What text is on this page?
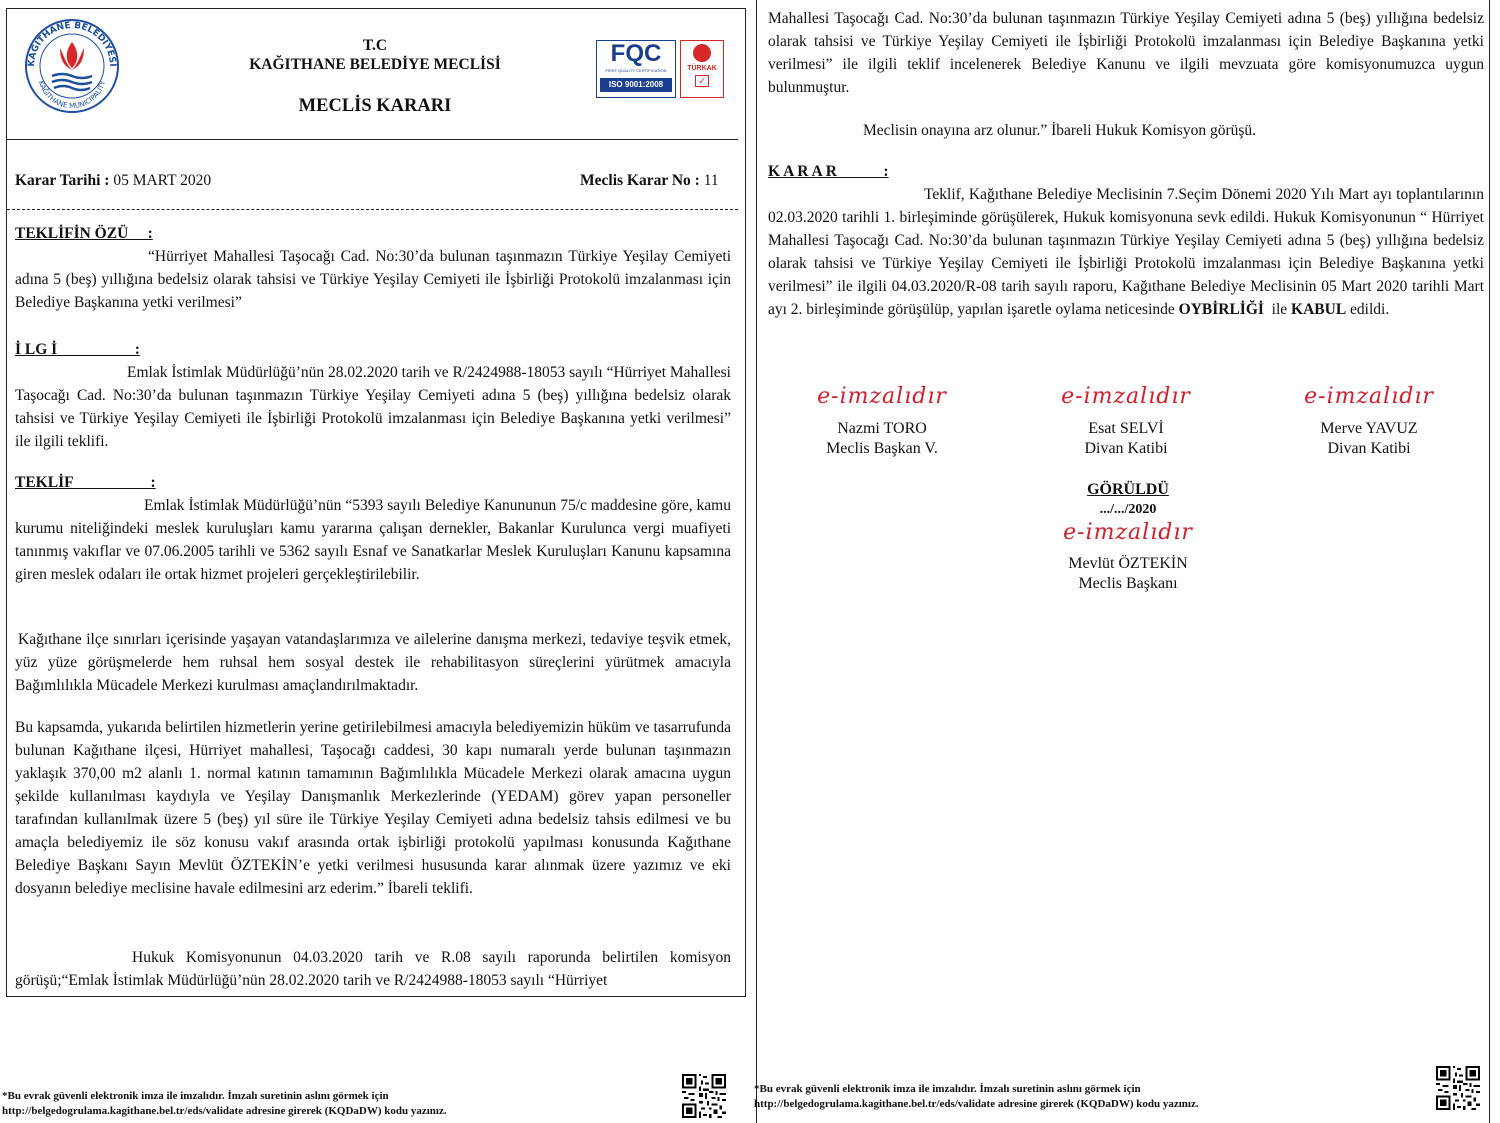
KAĞITHANE BELEDİYESİ
KAĞITHANE MUNICIPALITY
T.C
KAĞITHANE BELEDİYE MECLİSİ
MECLİS KARARI
FQC
FIRST QUALITY CERTIFICATION
ISO 9001:2008
TÜRKAK
✓
Karar Tarihi : 05 MART 2020	Meclis Karar No : 11
TEKLİFİN ÖZÜ     :
“Hürriyet Mahallesi Taşocağı Cad. No:30’da bulunan taşınmazın Türkiye Yeşilay Cemiyeti adına 5 (beş) yıllığına bedelsiz olarak tahsisi ve Türkiye Yeşilay Cemiyeti ile İşbirliği Protokolü imzalanması için Belediye Başkanına yetki verilmesi”
İ LG İ                    :
Emlak İstimlak Müdürlüğü’nün 28.02.2020 tarih ve R/2424988-18053 sayılı “Hürriyet Mahallesi Taşocağı Cad. No:30’da bulunan taşınmazın Türkiye Yeşilay Cemiyeti adına 5 (beş) yıllığına bedelsiz olarak tahsisi ve Türkiye Yeşilay Cemiyeti ile İşbirliği Protokolü imzalanması için Belediye Başkanına yetki verilmesi” ile ilgili teklifi.
TEKLİF                    :
Emlak İstimlak Müdürlüğü’nün “5393 sayılı Belediye Kanununun 75/c maddesine göre, kamu kurumu niteliğindeki meslek kuruluşları kamu yararına çalışan dernekler, Bakanlar Kurulunca vergi muafiyeti tanınmış vakıflar ve 07.06.2005 tarihli ve 5362 sayılı Esnaf ve Sanatkarlar Meslek Kuruluşları Kanunu kapsamına giren meslek odaları ile ortak hizmet projeleri gerçekleştirilebilir.
Kağıthane ilçe sınırları içerisinde yaşayan vatandaşlarımıza ve ailelerine danışma merkezi, tedaviye teşvik etmek, yüz yüze görüşmelerde hem ruhsal hem sosyal destek ile rehabilitasyon süreçlerini yürütmek amacıyla Bağımlılıkla Mücadele Merkezi kurulması amaçlandırılmaktadır.
Bu kapsamda, yukarıda belirtilen hizmetlerin yerine getirilebilmesi amacıyla belediyemizin hüküm ve tasarrufunda bulunan Kağıthane ilçesi, Hürriyet mahallesi, Taşocağı caddesi, 30 kapı numaralı yerde bulunan taşınmazın yaklaşık 370,00 m2 alanlı 1. normal katının tamamının Bağımlılıkla Mücadele Merkezi olarak amacına uygun şekilde kullanılması kaydıyla ve Yeşilay Danışmanlık Merkezlerinde (YEDAM) görev yapan personeller tarafından kullanılmak üzere 5 (beş) yıl süre ile Türkiye Yeşilay Cemiyeti adına bedelsiz tahsis edilmesi ve bu amaçla belediyemiz ile söz konusu vakıf arasında ortak işbirliği protokolü yapılması konusunda Kağıthane Belediye Başkanı Sayın Mevlüt ÖZTEKİN’e yetki verilmesi hususunda karar alınmak üzere yazımız ve eki dosyanın belediye meclisine havale edilmesini arz ederim.” İbareli teklifi.
Hukuk Komisyonunun 04.03.2020 tarih ve R.08 sayılı raporunda belirtilen komisyon görüşü;“Emlak İstimlak Müdürlüğü’nün 28.02.2020 tarih ve R/2424988-18053 sayılı “Hürriyet
*Bu evrak güvenli elektronik imza ile imzalıdır. İmzalı suretinin aslını görmek için
http://belgedogrulama.kagithane.bel.tr/eds/validate adresine girerek (KQDaDW) kodu yazınız.
Mahallesi Taşocağı Cad. No:30’da bulunan taşınmazın Türkiye Yeşilay Cemiyeti adına 5 (beş) yıllığına bedelsiz olarak tahsisi ve Türkiye Yeşilay Cemiyeti ile İşbirliği Protokolü imzalanması için Belediye Başkanına yetki verilmesi” ile ilgili teklif incelenerek Belediye Kanunu ve ilgili mevzuata göre komisyonumuzca uygun bulunmuştur.
Meclisin onayına arz olunur.” İbareli Hukuk Komisyon görüşü.
K A R A R            :
Teklif, Kağıthane Belediye Meclisinin 7.Seçim Dönemi 2020 Yılı Mart ayı toplantılarının 02.03.2020 tarihli 1. birleşiminde görüşülerek, Hukuk komisyonuna sevk edildi. Hukuk Komisyonunun “ Hürriyet Mahallesi Taşocağı Cad. No:30’da bulunan taşınmazın Türkiye Yeşilay Cemiyeti adına 5 (beş) yıllığına bedelsiz olarak tahsisi ve Türkiye Yeşilay Cemiyeti ile İşbirliği Protokolü imzalanması için Belediye Başkanına yetki verilmesi” ile ilgili 04.03.2020/R-08 tarih sayılı raporu, Kağıthane Belediye Meclisinin 05 Mart 2020 tarihli Mart ayı 2. birleşiminde görüşülüp, yapılan işaretle oylama neticesinde OYBİRLİĞİ  ile KABUL edildi.
e-imzalıdır
Nazmi TORO
Meclis Başkan V.
e-imzalıdır
Esat SELVİ
Divan Katibi
e-imzalıdır
Merve YAVUZ
Divan Katibi
GÖRÜLDÜ
.../.../2020
e-imzalıdır
Mevlüt ÖZTEKİN
Meclis Başkanı
*Bu evrak güvenli elektronik imza ile imzalıdır. İmzalı suretinin aslını görmek için
http://belgedogrulama.kagithane.bel.tr/eds/validate adresine girerek (KQDaDW) kodu yazınız.
